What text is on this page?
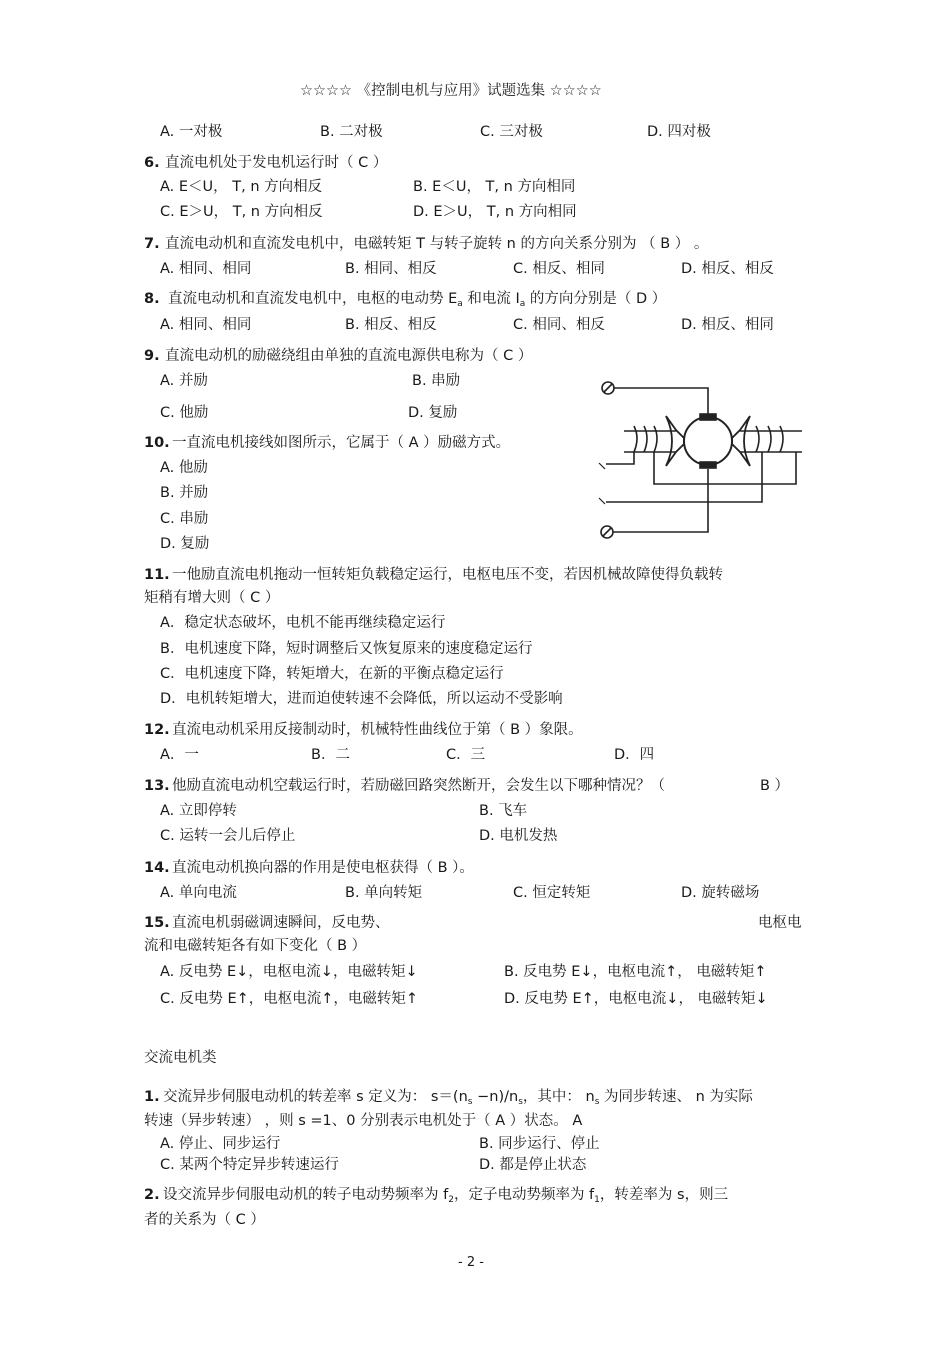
☆☆☆☆ 《控制电机与应用》试题选集 ☆☆☆☆
A. 一对极	B. 二对极	C. 三对极	D. 四对极
6. 直流电机处于发电机运行时（ C ）
A. E＜U， T, n 方向相反	B. E＜U， T, n 方向相同
C. E＞U， T, n 方向相反	D. E＞U， T, n 方向相同
7. 直流电动机和直流发电机中，电磁转矩 T 与转子旋转 n 的方向关系分别为 （ B ） 。
A. 相同、相同	B. 相同、相反	C. 相反、相同	D. 相反、相反
8. 直流电动机和直流发电机中，电枢的电动势 $E_a$ 和电流 $I_a$ 的方向分别是（ D ）
A. 相同、相同	B. 相反、相反	C. 相同、相反	D. 相反、相同
9. 直流电动机的励磁绕组由单独的直流电源供电称为（ C ）
A. 并励	B. 串励
C. 他励	D. 复励
10. 一直流电机接线如图所示，它属于（ A ）励磁方式。
A. 他励
B. 并励
C. 串励
D. 复励
11. 一他励直流电机拖动一恒转矩负载稳定运行，电枢电压不变，若因机械故障使得负载转
矩稍有增大则（ C ）
A．稳定状态破坏，电机不能再继续稳定运行
B．电机速度下降，短时调整后又恢复原来的速度稳定运行
C．电机速度下降，转矩增大，在新的平衡点稳定运行
D．电机转矩增大，进而迫使转速不会降低，所以运动不受影响
12. 直流电动机采用反接制动时，机械特性曲线位于第（ B ）象限。
A．一	B．二	C．三	D．四
13. 他励直流电动机空载运行时，若励磁回路突然断开，会发生以下哪种情况？（	B ）
A. 立即停转	B. 飞车
C. 运转一会儿后停止	D. 电机发热
14. 直流电动机换向器的作用是使电枢获得（ B ）。
A. 单向电流	B. 单向转矩	C. 恒定转矩	D. 旋转磁场
15. 直流电机弱磁调速瞬间，反电势、	电枢电
流和电磁转矩各有如下变化（ B ）
A. 反电势 E↓，电枢电流↓，电磁转矩↓	B. 反电势 E↓，电枢电流↑， 电磁转矩↑
C. 反电势 E↑，电枢电流↑，电磁转矩↑	D. 反电势 E↑，电枢电流↓， 电磁转矩↓
交流电机类
1. 交流异步伺服电动机的转差率 s 定义为： $s=(n_s$ $-n)∕n_s$，其中： $n_s$ 为同步转速、 n 为实际
转速（异步转速） ，则 s =1、0 分别表示电机处于（ A ）状态。 A
A. 停止、同步运行	B. 同步运行、停止
C. 某两个特定异步转速运行	D. 都是停止状态
2. 设交流异步伺服电动机的转子电动势频率为 $f_2$，定子电动势频率为 $f_1$，转差率为 s，则三
者的关系为（ C ）
- 2 -
